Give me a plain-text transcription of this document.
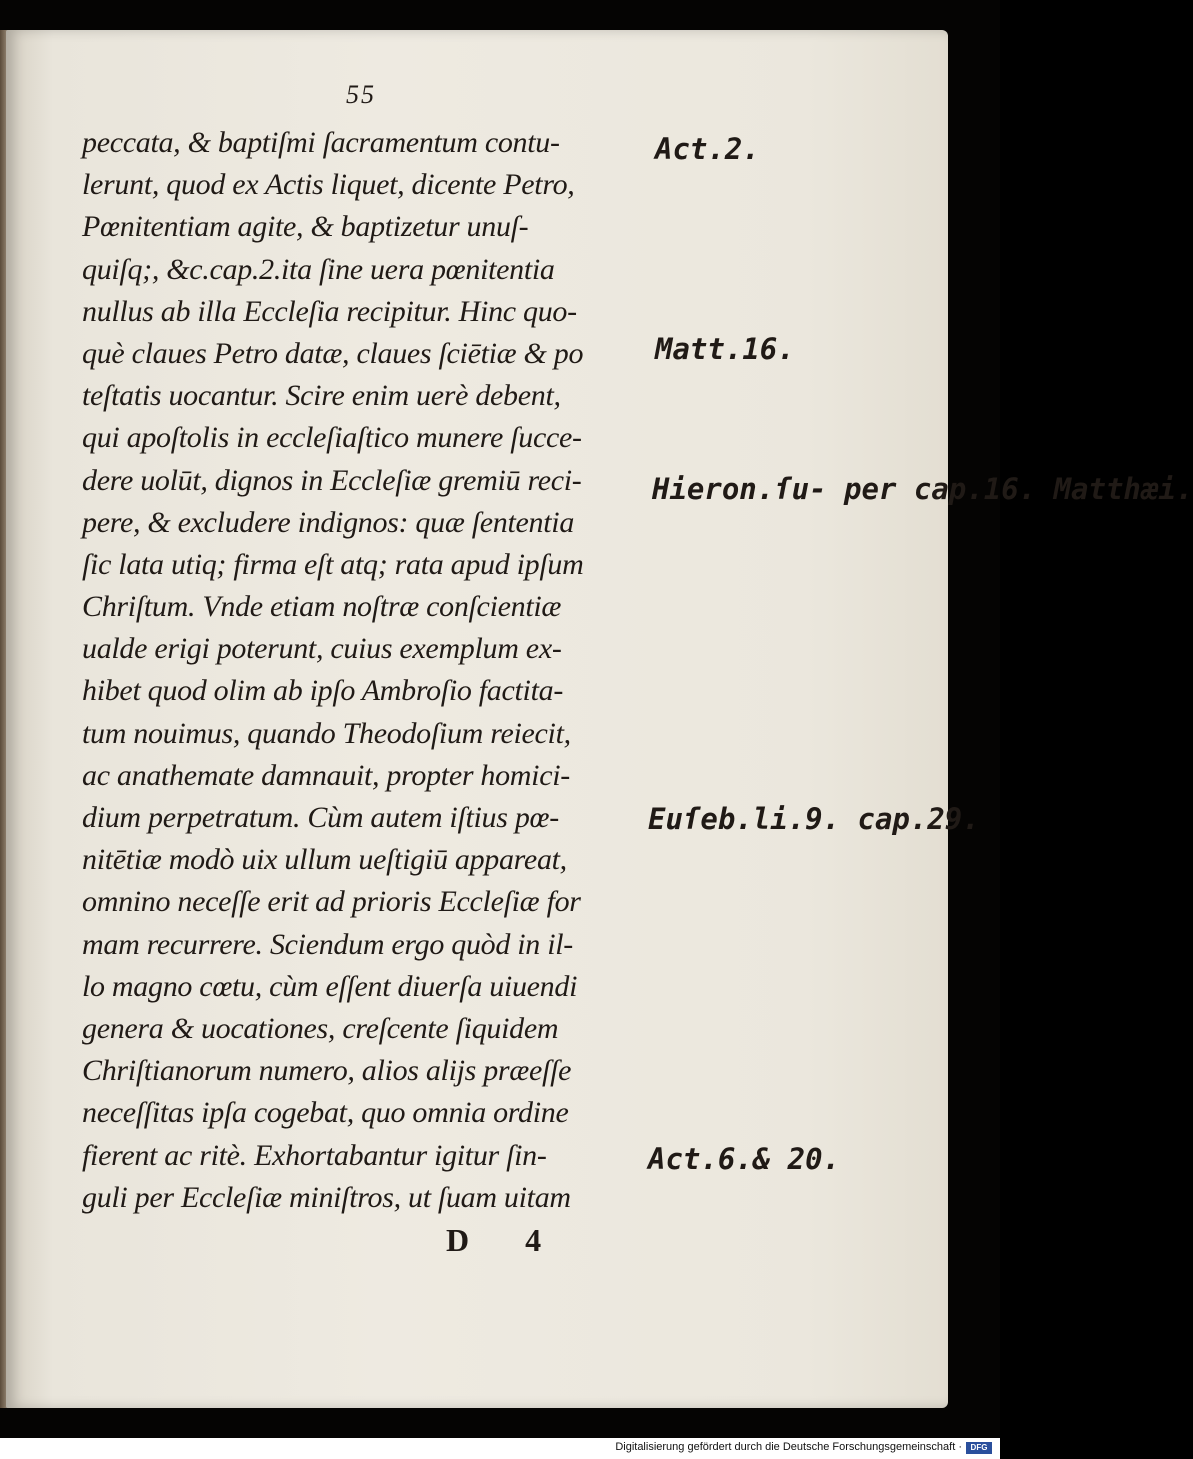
55
peccata, & baptiſmi ſacramentum contu-
lerunt, quod ex Actis liquet, dicente Petro,
Pœnitentiam agite, & baptizetur unuſ-
quiſq;, &c.cap.2.ita ſine uera pœnitentia
nullus ab illa Eccleſia recipitur. Hinc quo-
què claues Petro datæ, claues ſciētiæ & po
teſtatis uocantur. Scire enim uerè debent,
qui apoſtolis in eccleſiaſtico munere ſucce-
dere uolūt, dignos in Eccleſiæ gremiū reci-
pere, & excludere indignos: quæ ſententia
ſic lata utiq; firma eſt atq; rata apud ipſum
Chriſtum. Vnde etiam noſtræ conſcientiæ
ualde erigi poterunt, cuius exemplum ex-
hibet quod olim ab ipſo Ambroſio factita-
tum nouimus, quando Theodoſium reiecit,
ac anathemate damnauit, propter homici-
dium perpetratum. Cùm autem iſtius pœ-
nitētiæ modò uix ullum ueſtigiū appareat,
omnino neceſſe erit ad prioris Eccleſiæ for
mam recurrere. Sciendum ergo quòd in il-
lo magno cœtu, cùm eſſent diuerſa uiuendi
genera & uocationes, creſcente ſiquidem
Chriſtianorum numero, alios alijs præeſſe
neceſſitas ipſa cogebat, quo omnia ordine
fierent ac ritè. Exhortabantur igitur ſin-
guli per Eccleſiæ miniſtros, ut ſuam uitam
Act.2.
Matt.16.
Hieron.ſu- per cap.16. Matthæi.
Euſeb.li.9. cap.29.
Act.6.& 20.
D 4
Digitalisierung gefördert durch die Deutsche Forschungsgemeinschaft ·	DFG
